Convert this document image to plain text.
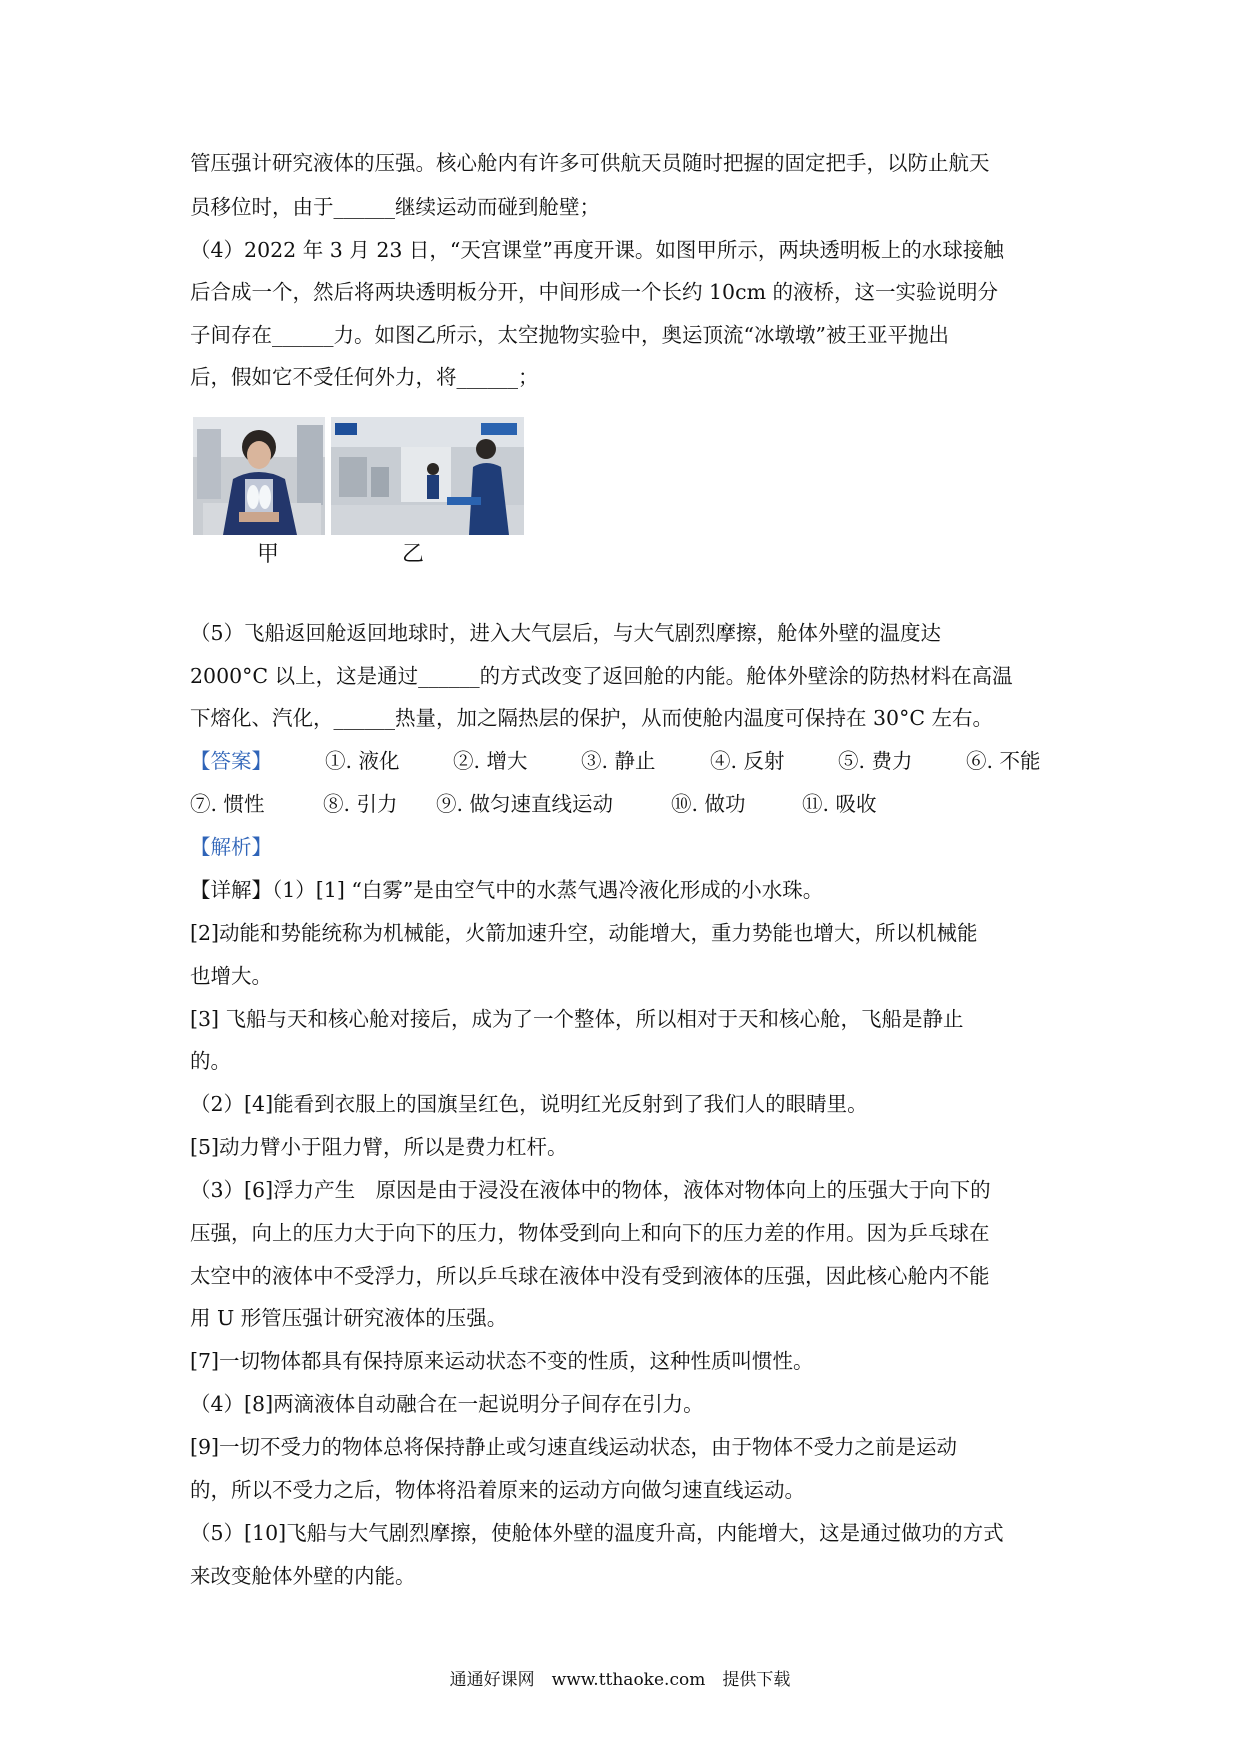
管压强计研究液体的压强。核心舱内有许多可供航天员随时把握的固定把手，以防止航天
员移位时，由于______继续运动而碰到舱壁；
（4）2022 年 3 月 23 日，“天宫课堂”再度开课。如图甲所示，两块透明板上的水球接触
后合成一个，然后将两块透明板分开，中间形成一个长约 10cm 的液桥，这一实验说明分
子间存在______力。如图乙所示，太空抛物实验中，奥运顶流“冰墩墩”被王亚平抛出
后，假如它不受任何外力，将______；
甲	乙
（5）飞船返回舱返回地球时，进入大气层后，与大气剧烈摩擦，舱体外壁的温度达
2000°C 以上，这是通过______的方式改变了返回舱的内能。舱体外壁涂的防热材料在高温
下熔化、汽化，______热量，加之隔热层的保护，从而使舱内温度可保持在 30°C 左右。
【答案】	①. 液化	②. 增大	③. 静止	④. 反射	⑤. 费力	⑥. 不能
⑦. 惯性	⑧. 引力 ⑨. 做匀速直线运动	⑩. 做功	⑪. 吸收
【解析】
【详解】（1）[1] “白雾”是由空气中的水蒸气遇冷液化形成的小水珠。
[2]动能和势能统称为机械能，火箭加速升空，动能增大，重力势能也增大，所以机械能
也增大。
[3] 飞船与天和核心舱对接后，成为了一个整体，所以相对于天和核心舱，飞船是静止
的。
（2）[4]能看到衣服上的国旗呈红色，说明红光反射到了我们人的眼睛里。
[5]动力臂小于阻力臂，所以是费力杠杆。
（3）[6]浮力产生　原因是由于浸没在液体中的物体，液体对物体向上的压强大于向下的
压强，向上的压力大于向下的压力，物体受到向上和向下的压力差的作用。因为乒乓球在
太空中的液体中不受浮力，所以乒乓球在液体中没有受到液体的压强，因此核心舱内不能
用 U 形管压强计研究液体的压强。
[7]一切物体都具有保持原来运动状态不变的性质，这种性质叫惯性。
（4）[8]两滴液体自动融合在一起说明分子间存在引力。
[9]一切不受力的物体总将保持静止或匀速直线运动状态，由于物体不受力之前是运动
的，所以不受力之后，物体将沿着原来的运动方向做匀速直线运动。
（5）[10]飞船与大气剧烈摩擦，使舱体外壁的温度升高，内能增大，这是通过做功的方式
来改变舱体外壁的内能。
通通好课网　www.tthaoke.com　提供下载
